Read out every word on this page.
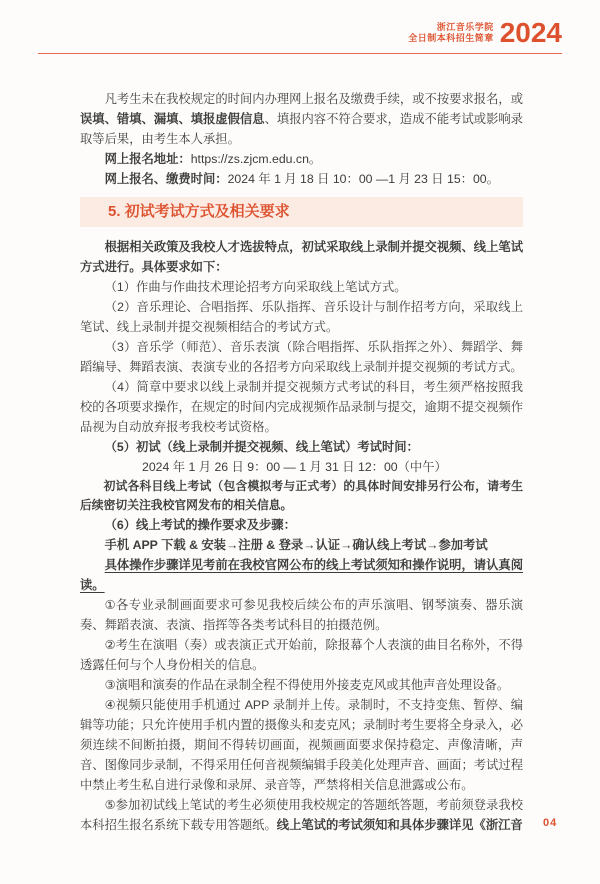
浙江音乐学院
全日制本科招生简章 2024

凡考生未在我校规定的时间内办理网上报名及缴费手续，或不按要求报名，或误填、错填、漏填、填报虚假信息、填报内容不符合要求，造成不能考试或影响录取等后果，由考生本人承担。

网上报名地址：https://zs.zjcm.edu.cn。

网上报名、缴费时间：2024 年 1 月 18 日 10：00 —1 月 23 日 15：00。

5. 初试考试方式及相关要求

根据相关政策及我校人才选拔特点，初试采取线上录制并提交视频、线上笔试方式进行。具体要求如下：

（1）作曲与作曲技术理论招考方向采取线上笔试方式。

（2）音乐理论、合唱指挥、乐队指挥、音乐设计与制作招考方向，采取线上笔试、线上录制并提交视频相结合的考试方式。

（3）音乐学（师范）、音乐表演（除合唱指挥、乐队指挥之外）、舞蹈学、舞蹈编导、舞蹈表演、表演专业的各招考方向采取线上录制并提交视频的考试方式。

（4）简章中要求以线上录制并提交视频方式考试的科目，考生须严格按照我校的各项要求操作，在规定的时间内完成视频作品录制与提交，逾期不提交视频作品视为自动放弃报考我校考试资格。

（5）初试（线上录制并提交视频、线上笔试）考试时间：

2024 年 1 月 26 日 9：00 — 1 月 31 日 12：00（中午）

初试各科目线上考试（包含模拟考与正式考）的具体时间安排另行公布，请考生后续密切关注我校官网发布的相关信息。

（6）线上考试的操作要求及步骤：

手机 APP 下载 & 安装→注册 & 登录→认证→确认线上考试→参加考试

具体操作步骤详见考前在我校官网公布的线上考试须知和操作说明，请认真阅读。

①各专业录制画面要求可参见我校后续公布的声乐演唱、钢琴演奏、器乐演奏、舞蹈表演、表演、指挥等各类考试科目的拍摄范例。

②考生在演唱（奏）或表演正式开始前，除报幕个人表演的曲目名称外，不得透露任何与个人身份相关的信息。

③演唱和演奏的作品在录制全程不得使用外接麦克风或其他声音处理设备。

④视频只能使用手机通过 APP 录制并上传。录制时，不支持变焦、暂停、编辑等功能；只允许使用手机内置的摄像头和麦克风；录制时考生要将全身录入，必须连续不间断拍摄，期间不得转切画面，视频画面要求保持稳定、声像清晰，声音、图像同步录制，不得采用任何音视频编辑手段美化处理声音、画面；考试过程中禁止考生私自进行录像和录屏、录音等，严禁将相关信息泄露或公布。

⑤参加初试线上笔试的考生必须使用我校规定的答题纸答题，考前须登录我校本科招生报名系统下载专用答题纸。线上笔试的考试须知和具体步骤详见《浙江音 04
